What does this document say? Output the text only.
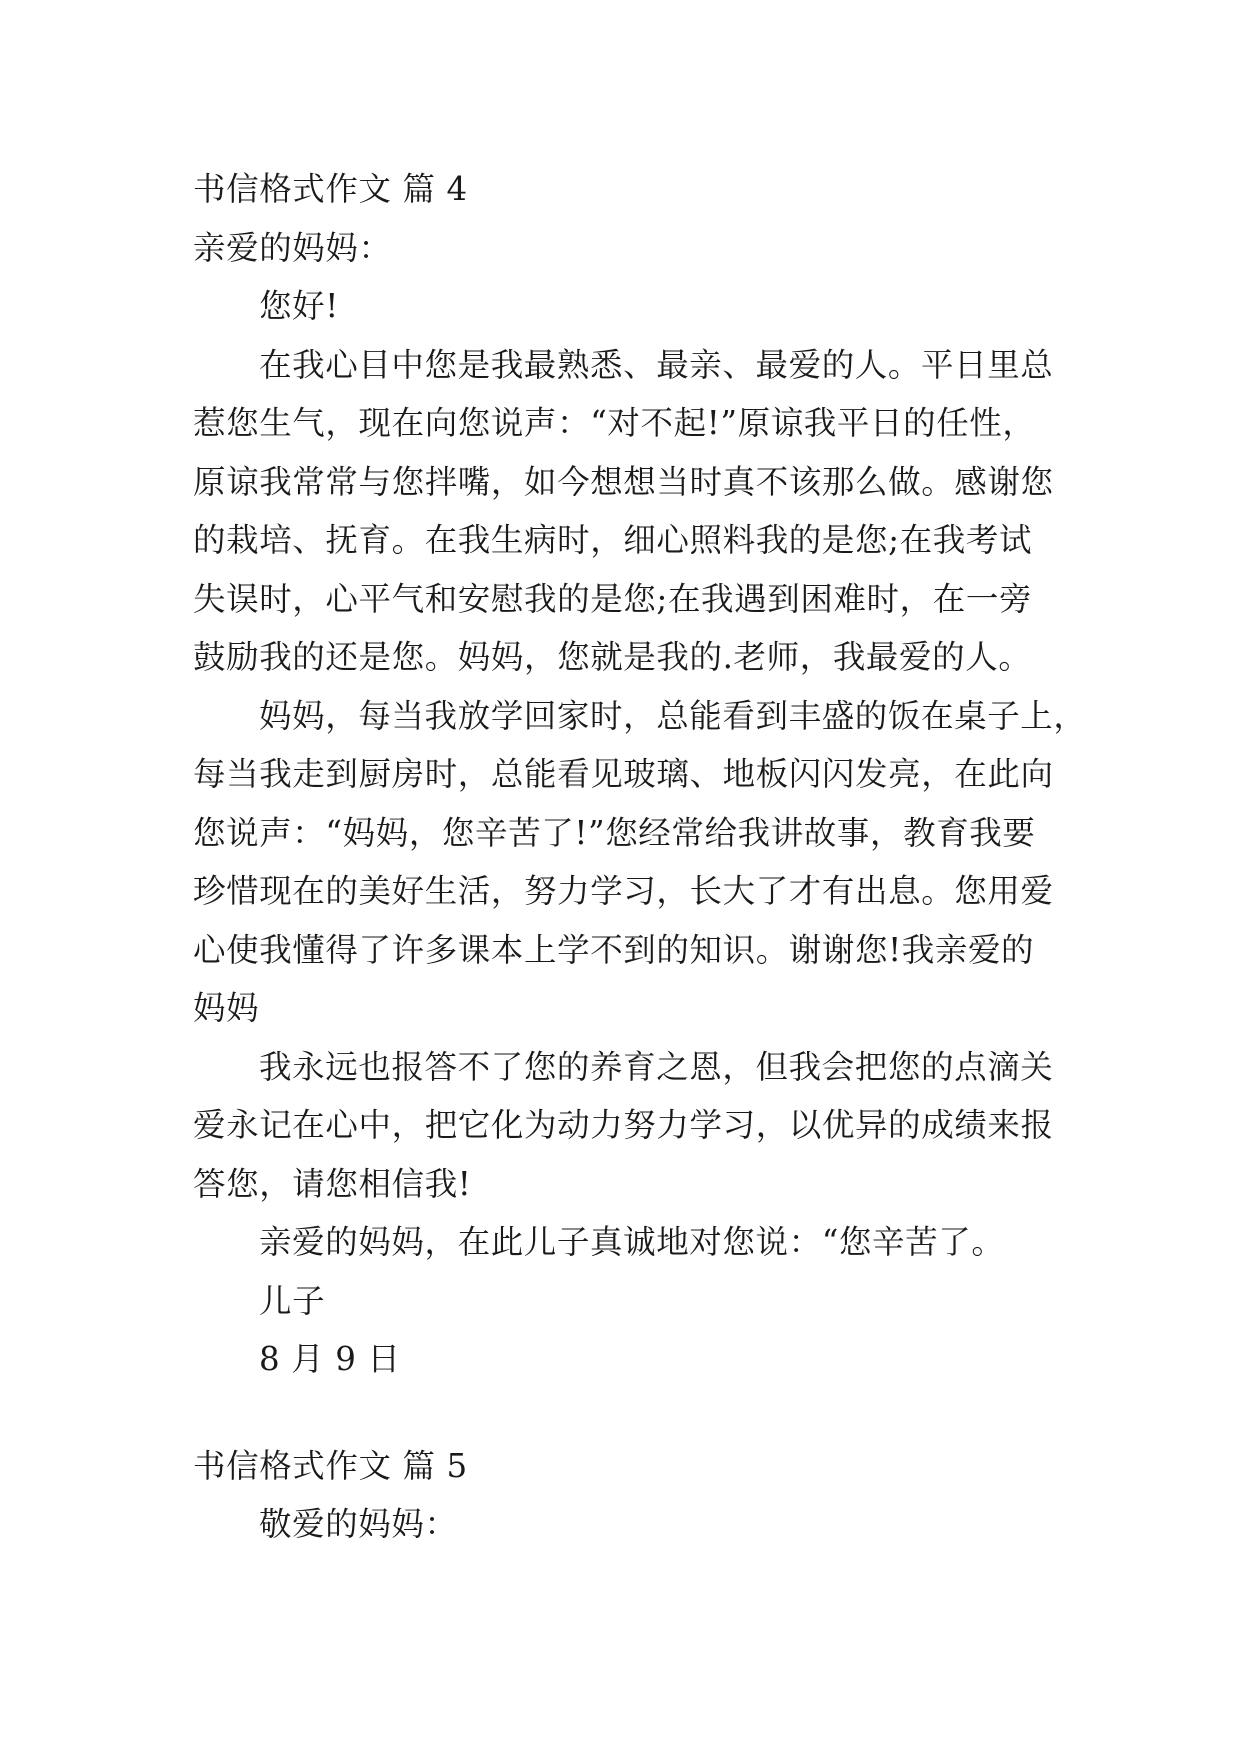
书信格式作文 篇 4

亲爱的妈妈：

您好!

在我心目中您是我最熟悉、最亲、最爱的人。平日里总

惹您生气，现在向您说声：“对不起!”原谅我平日的任性，

原谅我常常与您拌嘴，如今想想当时真不该那么做。感谢您

的栽培、抚育。在我生病时，细心照料我的是您;在我考试

失误时，心平气和安慰我的是您;在我遇到困难时，在一旁

鼓励我的还是您。妈妈，您就是我的.老师，我最爱的人。

妈妈，每当我放学回家时，总能看到丰盛的饭在桌子上，

每当我走到厨房时，总能看见玻璃、地板闪闪发亮，在此向

您说声：“妈妈，您辛苦了!”您经常给我讲故事，教育我要

珍惜现在的美好生活，努力学习，长大了才有出息。您用爱

心使我懂得了许多课本上学不到的知识。谢谢您!我亲爱的

妈妈

我永远也报答不了您的养育之恩，但我会把您的点滴关

爱永记在心中，把它化为动力努力学习，以优异的成绩来报

答您，请您相信我!

亲爱的妈妈，在此儿子真诚地对您说：“您辛苦了。

儿子

8 月 9 日

书信格式作文 篇 5

敬爱的妈妈：
